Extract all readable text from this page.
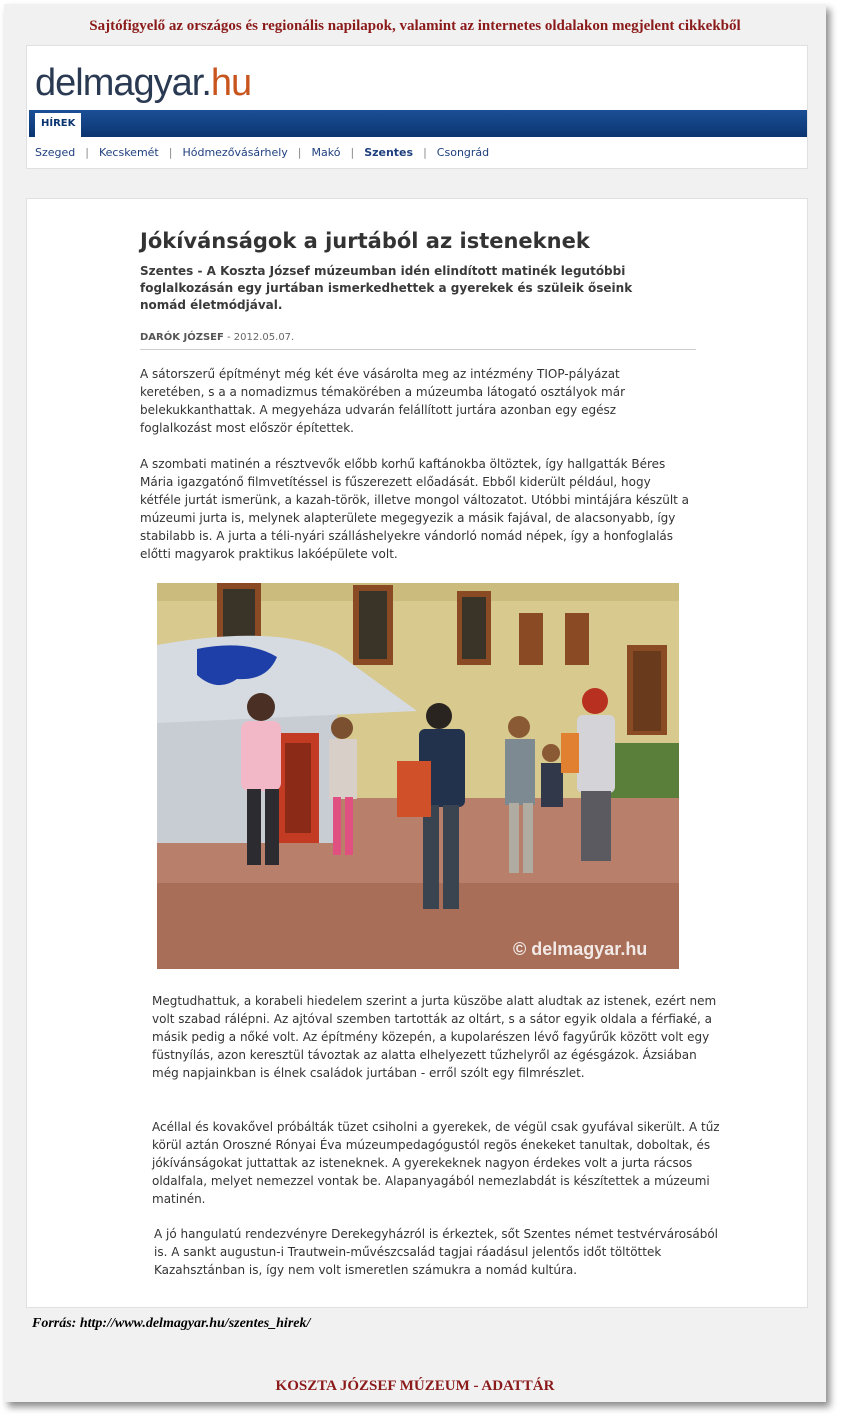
Sajtófigyelő az országos és regionális napilapok, valamint az internetes oldalakon megjelent cikkekből
delmagyar.hu
HÍREK
Szeged | Kecskemét | Hódmezővásárhely | Makó | Szentes | Csongrád
Jókívánságok a jurtából az isteneknek
Szentes - A Koszta József múzeumban idén elindított matinék legutóbbi foglalkozásán egy jurtában ismerkedhettek a gyerekek és szüleik őseink nomád életmódjával.
DARÓK JÓZSEF - 2012.05.07.
A sátorszerű építményt még két éve vásárolta meg az intézmény TIOP-pályázat keretében, s a a nomadizmus témakörében a múzeumba látogató osztályok már belekukkanthattak. A megyeháza udvarán felállított jurtára azonban egy egész foglalkozást most először építettek.
A szombati matinén a résztvevők előbb korhű kaftánokba öltöztek, így hallgatták Béres Mária igazgatónő filmvetítéssel is fűszerezett előadását. Ebből kiderült például, hogy kétféle jurtát ismerünk, a kazah-török, illetve mongol változatot. Utóbbi mintájára készült a múzeumi jurta is, melynek alapterülete megegyezik a másik fajával, de alacsonyabb, így stabilabb is. A jurta a téli-nyári szálláshelyekre vándorló nomád népek, így a honfoglalás előtti magyarok praktikus lakóépülete volt.
© delmagyar.hu
Megtudhattuk, a korabeli hiedelem szerint a jurta küszöbe alatt aludtak az istenek, ezért nem volt szabad rálépni. Az ajtóval szemben tartották az oltárt, s a sátor egyik oldala a férfiaké, a másik pedig a nőké volt. Az építmény közepén, a kupolarészen lévő fagyűrűk között volt egy füstnyílás, azon keresztül távoztak az alatta elhelyezett tűzhelyről az égésgázok. Ázsiában még napjainkban is élnek családok jurtában - erről szólt egy filmrészlet.
Acéllal és kovakővel próbálták tüzet csiholni a gyerekek, de végül csak gyufával sikerült. A tűz körül aztán Oroszné Rónyai Éva múzeumpedagógustól regös énekeket tanultak, doboltak, és jókívánságokat juttattak az isteneknek. A gyerekeknek nagyon érdekes volt a jurta rácsos oldalfala, melyet nemezzel vontak be. Alapanyagából nemezlabdát is készítettek a múzeumi matinén.
A jó hangulatú rendezvényre Derekegyházról is érkeztek, sőt Szentes német testvérvárosából is. A sankt augustun-i Trautwein-művészcsalád tagjai ráadásul jelentős időt töltöttek Kazahsztánban is, így nem volt ismeretlen számukra a nomád kultúra.
Forrás: http://www.delmagyar.hu/szentes_hirek/
KOSZTA JÓZSEF MÚZEUM - ADATTÁR
